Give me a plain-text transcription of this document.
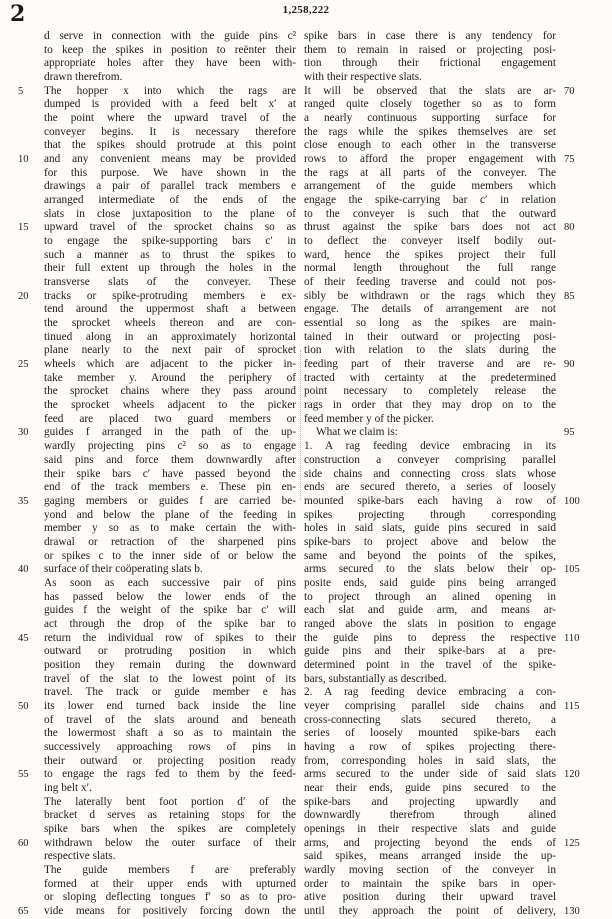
2	1,258,222
d serve in connection with the guide pins c²
to keep the spikes in position to reënter their
appropriate holes after they have been with-
drawn therefrom.
The hopper x into which the rags are
5
dumped is provided with a feed belt x′ at
the point where the upward travel of the
conveyer begins. It is necessary therefore
that the spikes should protrude at this point
and any convenient means may be provided
10
for this purpose. We have shown in the
drawings a pair of parallel track members e
arranged intermediate of the ends of the
slats in close juxtaposition to the plane of
upward travel of the sprocket chains so as
15
to engage the spike-supporting bars c′ in
such a manner as to thrust the spikes to
their full extent up through the holes in the
transverse slats of the conveyer. These
tracks or spike-protruding members e ex-
20
tend around the uppermost shaft a between
the sprocket wheels thereon and are con-
tinued along in an approximately horizontal
plane nearly to the next pair of sprocket
wheels which are adjacent to the picker in-
25
take member y. Around the periphery of
the sprocket chains where they pass around
the sprocket wheels adjacent to the picker
feed are placed two guard members or
guides f arranged in the path of the up-
30
wardly projecting pins c² so as to engage
said pins and force them downwardly after
their spike bars c′ have passed beyond the
end of the track members e. These pin en-
gaging members or guides f are carried be-
35
yond and below the plane of the feeding in
member y so as to make certain the with-
drawal or retraction of the sharpened pins
or spikes c to the inner side of or below the
surface of their coöperating slats b.
40
As soon as each successive pair of pins
has passed below the lower ends of the
guides f the weight of the spike bar c′ will
act through the drop of the spike bar to
return the individual row of spikes to their
45
outward or protruding position in which
position they remain during the downward
travel of the slat to the lowest point of its
travel. The track or guide member e has
its lower end turned back inside the line
50
of travel of the slats around and beneath
the lowermost shaft a so as to maintain the
successively approaching rows of pins in
their outward or projecting position ready
to engage the rags fed to them by the feed-
55
ing belt x′.
The laterally bent foot portion d′ of the
bracket d serves as retaining stops for the
spike bars when the spikes are completely
withdrawn below the outer surface of their
60
respective slats.
The guide members f are preferably
formed at their upper ends with upturned
or sloping deflecting tongues f′ so as to pro-
vide means for positively forcing down the
65
spike bars in case there is any tendency for
them to remain in raised or projecting posi-
tion through their frictional engagement
with their respective slats.
It will be observed that the slats are ar- 70
ranged quite closely together so as to form
a nearly continuous supporting surface for
the rags while the spikes themselves are set
close enough to each other in the transverse
rows to afford the proper engagement with 75
the rags at all parts of the conveyer. The
arrangement of the guide members which
engage the spike-carrying bar c′ in relation
to the conveyer is such that the outward
thrust against the spike bars does not act 80
to deflect the conveyer itself bodily out-
ward, hence the spikes project their full
normal length throughout the full range
of their feeding traverse and could not pos-
sibly be withdrawn or the rags which they 85
engage. The details of arrangement are not
essential so long as the spikes are main-
tained in their outward or projecting posi-
tion with relation to the slats during the
feeding part of their traverse and are re- 90
tracted with certainty at the predetermined
point necessary to completely release the
rags in order that they may drop on to the
feed member y of the picker.
What we claim is:	95
1. A rag feeding device embracing in its
construction a conveyer comprising parallel
side chains and connecting cross slats whose
ends are secured thereto, a series of loosely
mounted spike-bars each having a row of 100
spikes projecting through corresponding
holes in said slats, guide pins secured in said
spike-bars to project above and below the
same and beyond the points of the spikes,
arms secured to the slats below their op- 105
posite ends, said guide pins being arranged
to project through an alined opening in
each slat and guide arm, and means ar-
ranged above the slats in position to engage
the guide pins to depress the respective 110
guide pins and their spike-bars at a pre-
determined point in the travel of the spike-
bars, substantially as described.
2. A rag feeding device embracing a con-
veyer comprising parallel side chains and 115
cross-connecting slats secured thereto, a
series of loosely mounted spike-bars each
having a row of spikes projecting there-
from, corresponding holes in said slats, the
arms secured to the under side of said slats 120
near their ends, guide pins secured to the
spike-bars and projecting upwardly and
downwardly therefrom through alined
openings in their respective slats and guide
arms, and projecting beyond the ends of 125
said spikes, means arranged inside the up-
wardly moving section of the conveyer in
order to maintain the spike bars in oper-
ative position during their upward travel
until they approach the point of delivery, 130
